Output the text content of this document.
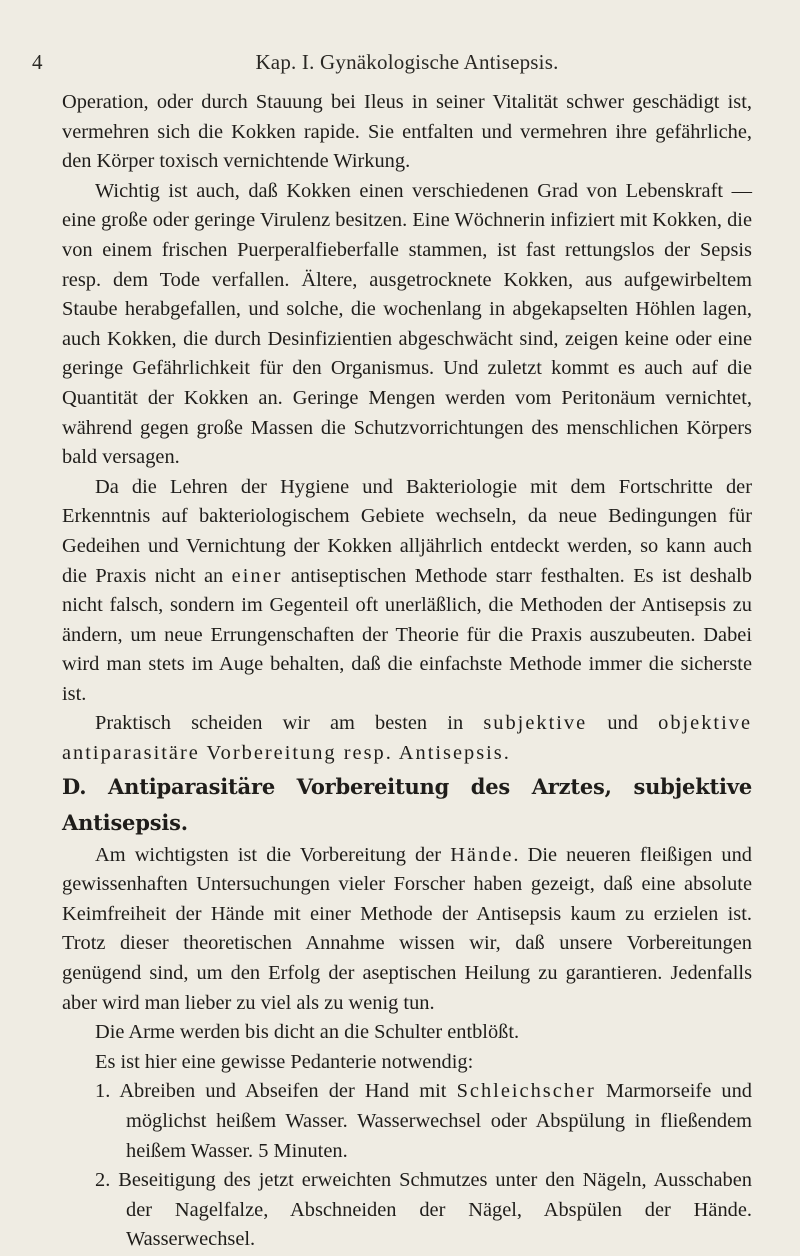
4	Kap. I. Gynäkologische Antisepsis.

Operation, oder durch Stauung bei Ileus in seiner Vitalität schwer geschädigt ist, vermehren sich die Kokken rapide. Sie entfalten und vermehren ihre gefährliche, den Körper toxisch vernichtende Wirkung.

Wichtig ist auch, daß Kokken einen verschiedenen Grad von Lebenskraft — eine große oder geringe Virulenz besitzen. Eine Wöchnerin infiziert mit Kokken, die von einem frischen Puerperalfieberfalle stammen, ist fast rettungslos der Sepsis resp. dem Tode verfallen. Ältere, ausgetrocknete Kokken, aus aufgewirbeltem Staube herabgefallen, und solche, die wochenlang in abgekapselten Höhlen lagen, auch Kokken, die durch Desinfizientien abgeschwächt sind, zeigen keine oder eine geringe Gefährlichkeit für den Organismus. Und zuletzt kommt es auch auf die Quantität der Kokken an. Geringe Mengen werden vom Peritonäum vernichtet, während gegen große Massen die Schutzvorrichtungen des menschlichen Körpers bald versagen.

Da die Lehren der Hygiene und Bakteriologie mit dem Fortschritte der Erkenntnis auf bakteriologischem Gebiete wechseln, da neue Bedingungen für Gedeihen und Vernichtung der Kokken alljährlich entdeckt werden, so kann auch die Praxis nicht an einer antiseptischen Methode starr festhalten. Es ist deshalb nicht falsch, sondern im Gegenteil oft unerläßlich, die Methoden der Antisepsis zu ändern, um neue Errungenschaften der Theorie für die Praxis auszubeuten. Dabei wird man stets im Auge behalten, daß die einfachste Methode immer die sicherste ist.

Praktisch scheiden wir am besten in subjektive und objektive antiparasitäre Vorbereitung resp. Antisepsis.

D. Antiparasitäre Vorbereitung des Arztes, subjektive Antisepsis.

Am wichtigsten ist die Vorbereitung der Hände. Die neueren fleißigen und gewissenhaften Untersuchungen vieler Forscher haben gezeigt, daß eine absolute Keimfreiheit der Hände mit einer Methode der Antisepsis kaum zu erzielen ist. Trotz dieser theoretischen Annahme wissen wir, daß unsere Vorbereitungen genügend sind, um den Erfolg der aseptischen Heilung zu garantieren. Jedenfalls aber wird man lieber zu viel als zu wenig tun.

Die Arme werden bis dicht an die Schulter entblößt.

Es ist hier eine gewisse Pedanterie notwendig:

1. Abreiben und Abseifen der Hand mit Schleichscher Marmorseife und möglichst heißem Wasser. Wasserwechsel oder Abspülung in fließendem heißem Wasser. 5 Minuten.

2. Beseitigung des jetzt erweichten Schmutzes unter den Nägeln, Ausschaben der Nagelfalze, Abschneiden der Nägel, Abspülen der Hände. Wasserwechsel.
